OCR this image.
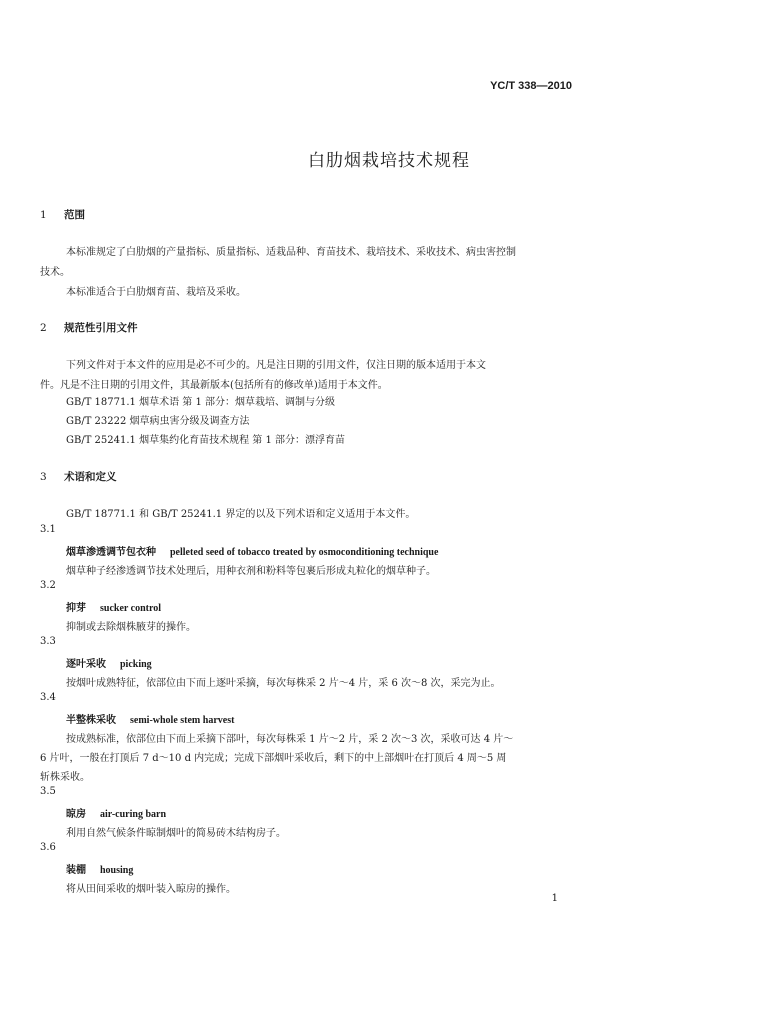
YC/T 338—2010
白肋烟栽培技术规程
1 范围
本标准规定了白肋烟的产量指标、质量指标、适栽品种、育苗技术、栽培技术、采收技术、病虫害控制
技术。
本标准适合于白肋烟育苗、栽培及采收。
2 规范性引用文件
下列文件对于本文件的应用是必不可少的。凡是注日期的引用文件，仅注日期的版本适用于本文
件。凡是不注日期的引用文件，其最新版本(包括所有的修改单)适用于本文件。
GB/T 18771.1 烟草术语 第 1 部分：烟草栽培、调制与分级
GB/T 23222 烟草病虫害分级及调查方法
GB/T 25241.1 烟草集约化育苗技术规程 第 1 部分：漂浮育苗
3 术语和定义
GB/T 18771.1 和 GB/T 25241.1 界定的以及下列术语和定义适用于本文件。
3.1
烟草渗透调节包衣种 pelleted seed of tobacco treated by osmoconditioning technique
烟草种子经渗透调节技术处理后，用种衣剂和粉料等包裹后形成丸粒化的烟草种子。
3.2
抑芽 sucker control
抑制或去除烟株腋芽的操作。
3.3
逐叶采收 picking
按烟叶成熟特征，依部位由下而上逐叶采摘，每次每株采 2 片～4 片，采 6 次～8 次，采完为止。
3.4
半整株采收 semi-whole stem harvest
按成熟标准，依部位由下而上采摘下部叶，每次每株采 1 片～2 片，采 2 次～3 次，采收可达 4 片～
6 片叶，一般在打顶后 7 d～10 d 内完成；完成下部烟叶采收后，剩下的中上部烟叶在打顶后 4 周～5 周
斩株采收。
3.5
晾房 air-curing barn
利用自然气候条件晾制烟叶的简易砖木结构房子。
3.6
装棚 housing
将从田间采收的烟叶装入晾房的操作。
1
